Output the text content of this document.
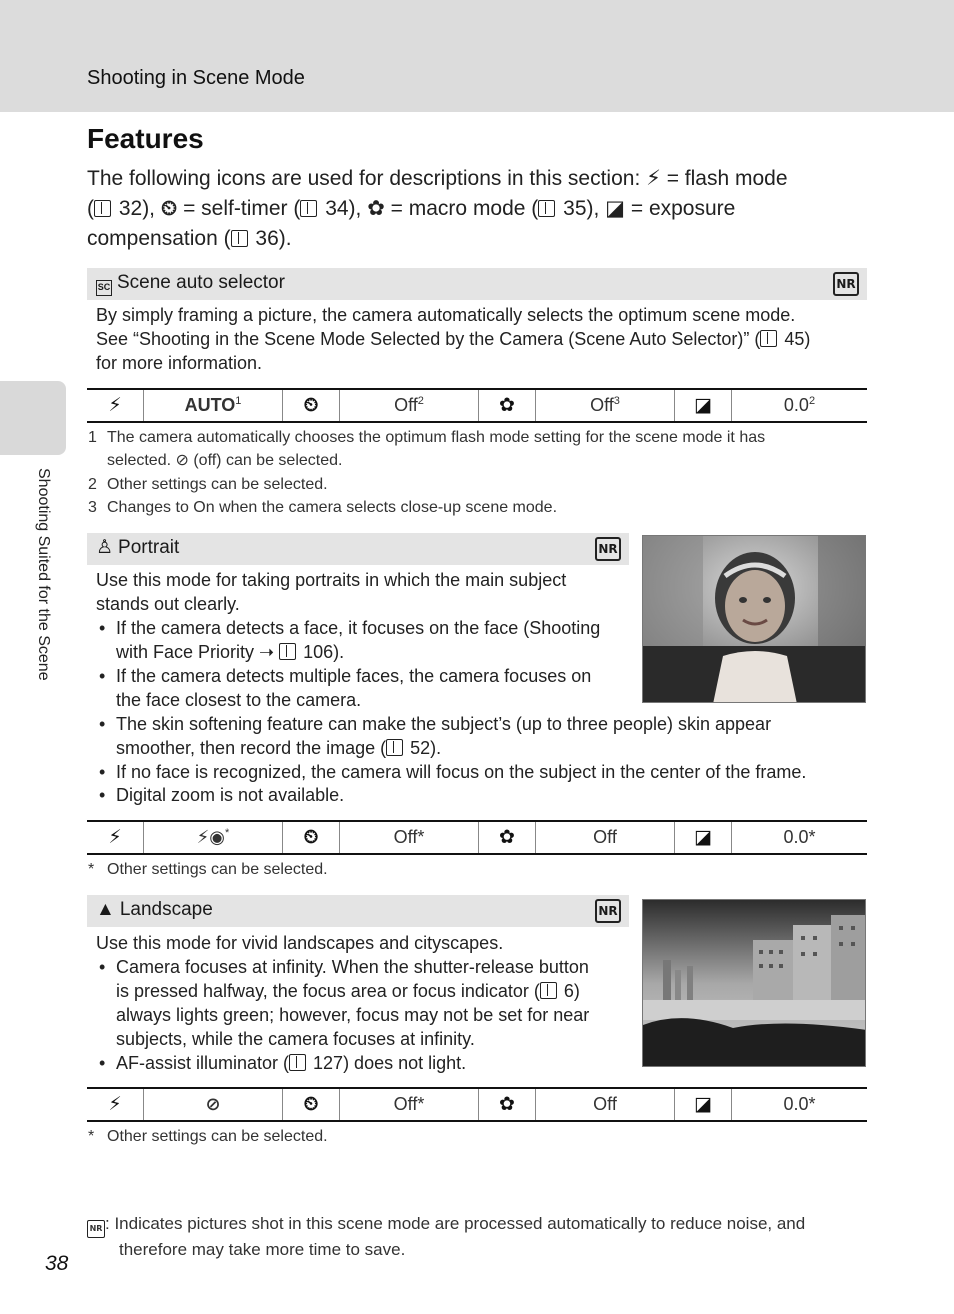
Shooting in Scene Mode
Shooting Suited for the Scene
Features
The following icons are used for descriptions in this section: ⚡ = flash mode
( 32), ⏲ = self-timer ( 34), ✿ = macro mode ( 35), ◪ = exposure
compensation ( 36).
SC Scene auto selector	NR
By simply framing a picture, the camera automatically selects the optimum scene mode.
See “Shooting in the Scene Mode Selected by the Camera (Scene Auto Selector)” ( 45)
for more information.
⚡	AUTO$^1$	⏲	Off$^2$	✿	Off$^3$	◪	$0.0^2$
1 The camera automatically chooses the optimum flash mode setting for the scene mode it has
selected. ⊘ (off) can be selected.
2 Other settings can be selected.
3 Changes to On when the camera selects close-up scene mode.
♙ Portrait	NR
Use this mode for taking portraits in which the main subject
stands out clearly.
• If the camera detects a face, it focuses on the face (Shooting
with Face Priority ➝  106).
• If the camera detects multiple faces, the camera focuses on
the face closest to the camera.
• The skin softening feature can make the subject’s (up to three people) skin appear
smoother, then record the image ( 52).
• If no face is recognized, the camera will focus on the subject in the center of the frame.
• Digital zoom is not available.
⚡	⚡◉*	⏲	Off*	✿	Off	◪	0.0*
* Other settings can be selected.
▲ Landscape	NR
Use this mode for vivid landscapes and cityscapes.
• Camera focuses at infinity. When the shutter-release button
is pressed halfway, the focus area or focus indicator ( 6)
always lights green; however, focus may not be set for near
subjects, while the camera focuses at infinity.
• AF-assist illuminator ( 127) does not light.
⚡	⊘	⏲	Off*	✿	Off	◪	0.0*
* Other settings can be selected.
NR : Indicates pictures shot in this scene mode are processed automatically to reduce noise, and
therefore may take more time to save.
38
